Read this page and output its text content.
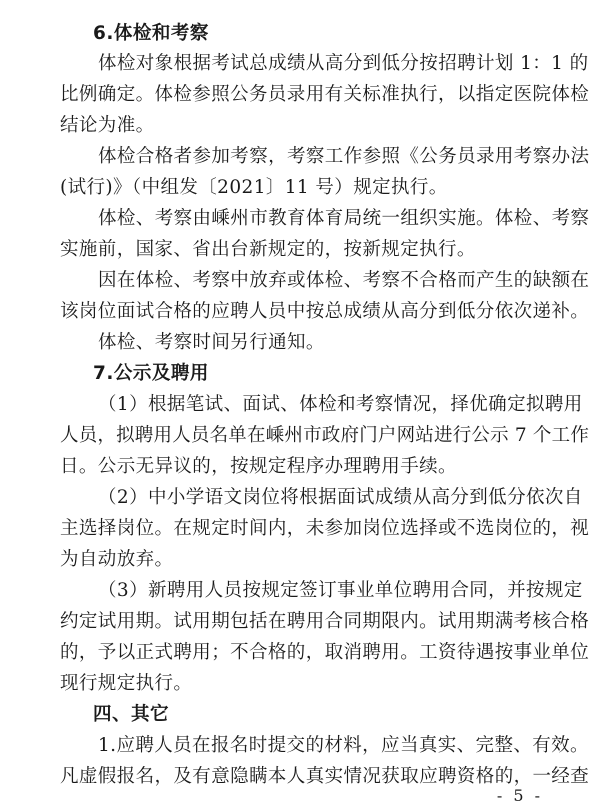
6.体检和考察
体检对象根据考试总成绩从高分到低分按招聘计划 1：1 的
比例确定。体检参照公务员录用有关标准执行，以指定医院体检
结论为准。
体检合格者参加考察，考察工作参照《公务员录用考察办法
(试行)》（中组发〔2021〕11 号）规定执行。
体检、考察由嵊州市教育体育局统一组织实施。体检、考察
实施前，国家、省出台新规定的，按新规定执行。
因在体检、考察中放弃或体检、考察不合格而产生的缺额在
该岗位面试合格的应聘人员中按总成绩从高分到低分依次递补。
体检、考察时间另行通知。
7.公示及聘用
（1）根据笔试、面试、体检和考察情况，择优确定拟聘用
人员，拟聘用人员名单在嵊州市政府门户网站进行公示 7 个工作
日。公示无异议的，按规定程序办理聘用手续。
（2）中小学语文岗位将根据面试成绩从高分到低分依次自
主选择岗位。在规定时间内，未参加岗位选择或不选岗位的，视
为自动放弃。
（3）新聘用人员按规定签订事业单位聘用合同，并按规定
约定试用期。试用期包括在聘用合同期限内。试用期满考核合格
的，予以正式聘用；不合格的，取消聘用。工资待遇按事业单位
现行规定执行。
四、其它
1.应聘人员在报名时提交的材料，应当真实、完整、有效。
凡虚假报名，及有意隐瞒本人真实情况获取应聘资格的，一经查
- 5 -
